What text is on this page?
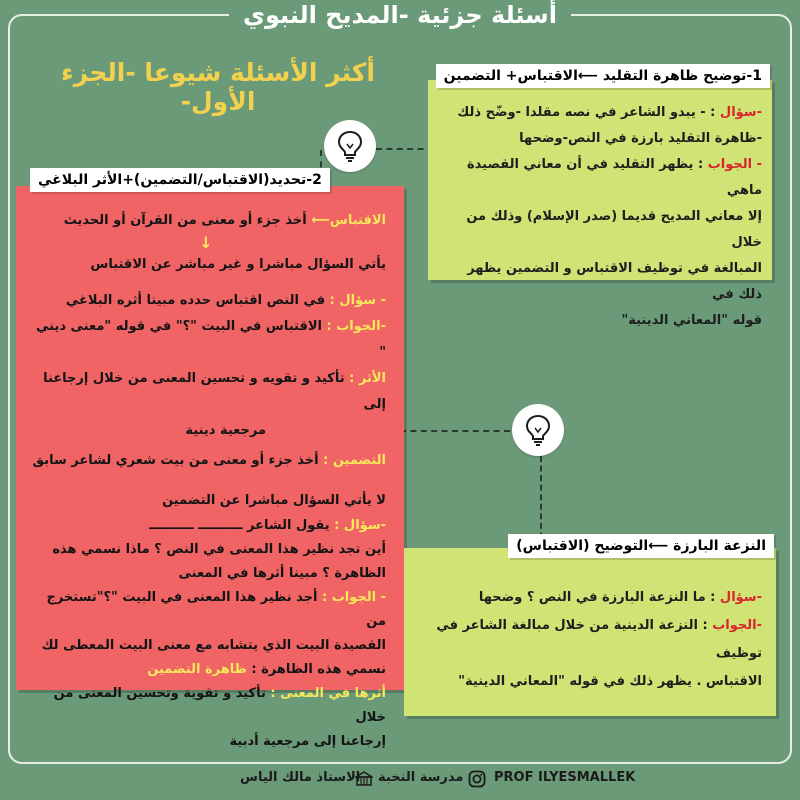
أسئلة جزئية -المديح النبوي
أكثر الأسئلة شيوعا -الجزء الأول-	-سؤال : - يبدو الشاعر في نصه مقلدا -وضّح ذلك

-ظاهرة التقليد بارزة في النص-وضحها

- الجواب : يظهر التقليد في أن معاني القصيدة ماهي

إلا معاني المديح قديما (صدر الإسلام) وذلك من خلال

المبالغة في توظيف الاقتباس و التضمين يظهر ذلك في

قوله "المعاني الدينية"

1-توضيح ظاهرة التقليد ⟵الاقتباس+ التضمين

الاقتباس⟵ أخذ جزء أو معنى من القرآن أو الحديث

↓

يأتي السؤال مباشرا و غير مباشر عن الاقتباس

- سؤال : في النص اقتباس حدده مبينا أثره البلاغي

-الجواب : الاقتباس في البيت "؟" في قوله "معنى ديني "

الأثر : تأكيد و تقويه و تحسين المعنى من خلال إرجاعنا إلى

مرجعية دينية

التضمين : أخذ جزء أو معنى من بيت شعري لشاعر سابق

لا يأتي السؤال مباشرا عن التضمين

-سؤال : يقول الشاعر ــــــــــ ــــــــــ

أين تجد نظير هذا المعنى في النص ؟ ماذا نسمي هذه

الظاهرة ؟ مبينا أثرها في المعنى

- الجواب : أجد نظير هذا المعنى في البيت "؟"تستخرج من

القصيدة البيت الذي يتشابه مع معنى البيت المعطى لك

نسمي هذه الظاهرة : ظاهرة التضمين

أثرها في المعنى : تأكيد و تقوية وتحسين المعنى من خلال

إرجاعنا إلى مرجعية أدبية

2-تحديد(الاقتباس/التضمين)+الأثر البلاغي

-سؤال : ما النزعة البارزة في النص ؟ وضحها

-الجواب : النزعة الدينية من خلال مبالغة الشاعر في توظيف

الاقتباس . يظهر ذلك في قوله "المعاني الدينية"

النزعة البارزة ⟵التوضيح (الاقتباس)
الاستاذ مالك الياس مدرسة النخبة PROF ILYESMALLEK
